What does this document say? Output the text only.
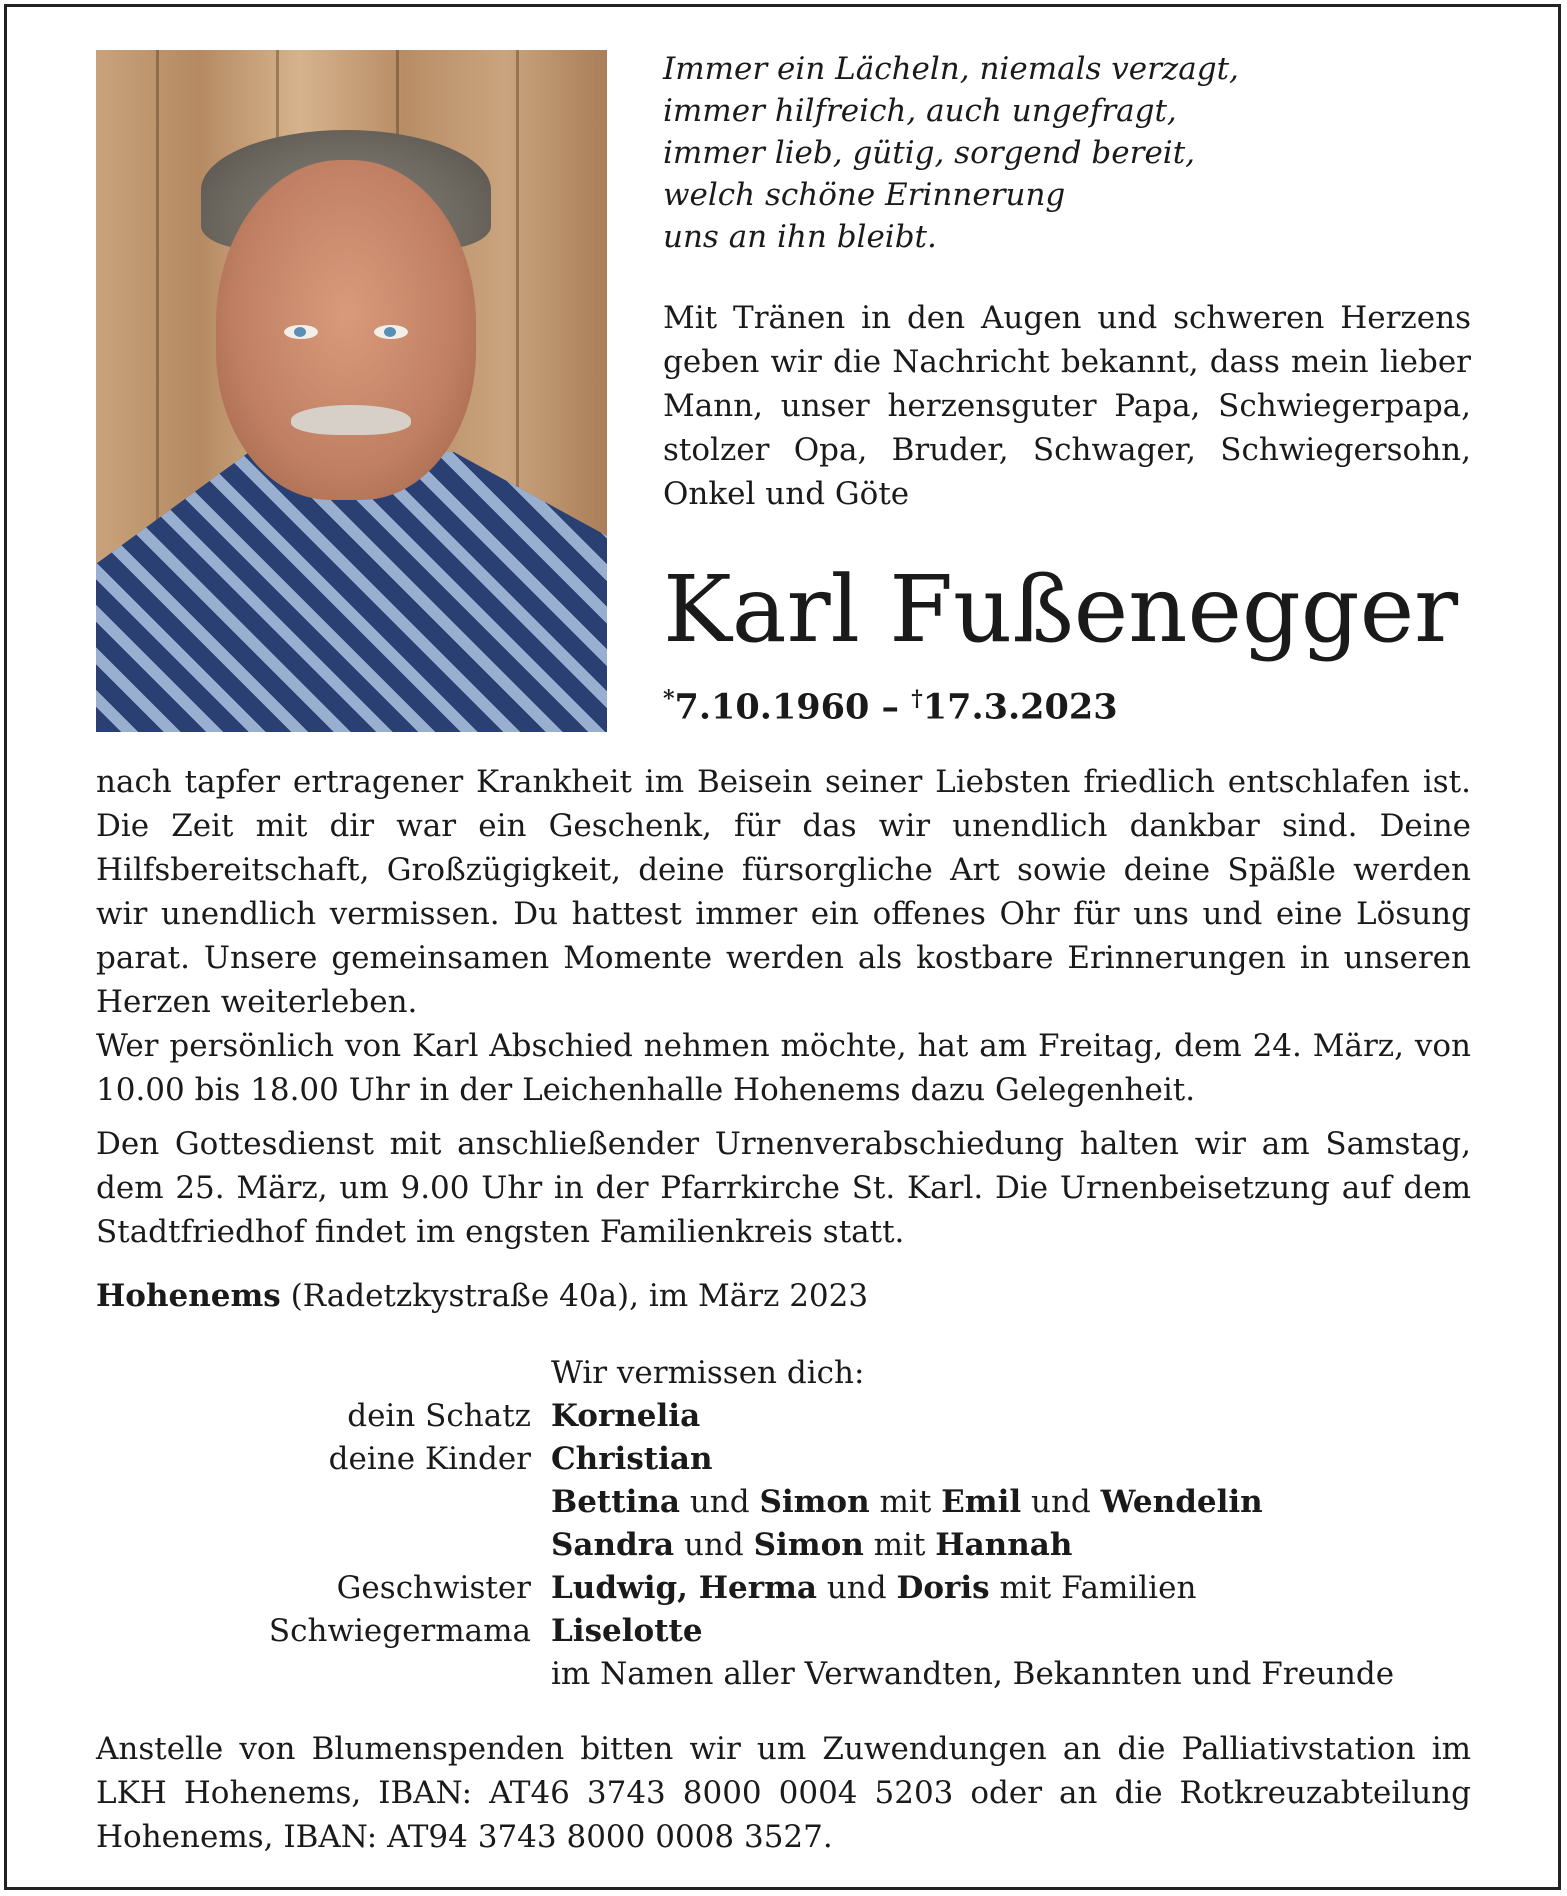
Immer ein Lächeln, niemals verzagt,
immer hilfreich, auch ungefragt,
immer lieb, gütig, sorgend bereit,
welch schöne Erinnerung
uns an ihn bleibt.
Mit Tränen in den Augen und schweren Herzens geben wir die Nachricht bekannt, dass mein lieber Mann, unser herzensguter Papa, Schwiegerpapa, stolzer Opa, Bruder, Schwager, Schwiegersohn, Onkel und Göte
Karl Fußenegger
*7.10.1960 – †17.3.2023
nach tapfer ertragener Krankheit im Beisein seiner Liebsten friedlich entschlafen ist. Die Zeit mit dir war ein Geschenk, für das wir unendlich dankbar sind. Deine Hilfsbereitschaft, Großzügigkeit, deine fürsorgliche Art sowie deine Späßle werden wir unendlich vermissen. Du hattest immer ein offenes Ohr für uns und eine Lösung parat. Unsere gemeinsamen Momente werden als kostbare Erinnerungen in unseren Herzen weiterleben.
Wer persönlich von Karl Abschied nehmen möchte, hat am Freitag, dem 24. März, von 10.00 bis 18.00 Uhr in der Leichenhalle Hohenems dazu Gelegenheit.
Den Gottesdienst mit anschließender Urnenverabschiedung halten wir am Samstag, dem 25. März, um 9.00 Uhr in der Pfarrkirche St. Karl. Die Urnenbeisetzung auf dem Stadtfriedhof findet im engsten Familienkreis statt.
Hohenems (Radetzkystraße 40a), im März 2023
Wir vermissen dich:
dein Schatz Kornelia
deine Kinder Christian
Bettina und Simon mit Emil und Wendelin
Sandra und Simon mit Hannah
Geschwister Ludwig, Herma und Doris mit Familien
Schwiegermama Liselotte
im Namen aller Verwandten, Bekannten und Freunde
Anstelle von Blumenspenden bitten wir um Zuwendungen an die Palliativstation im LKH Hohenems, IBAN: AT46 3743 8000 0004 5203 oder an die Rotkreuzabteilung Hohenems, IBAN: AT94 3743 8000 0008 3527.
